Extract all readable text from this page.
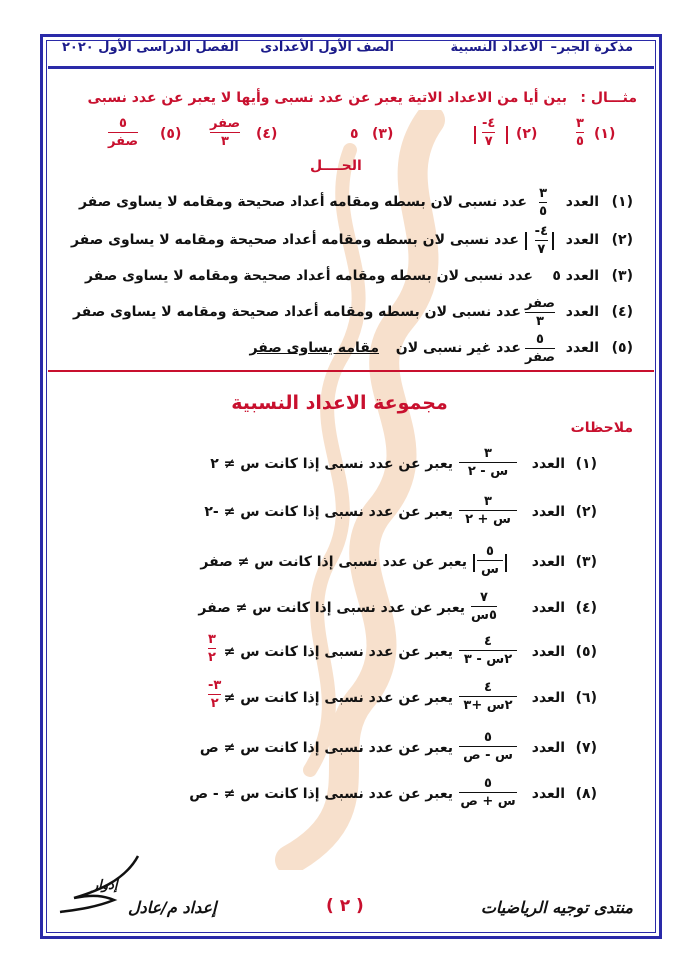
مذكرة الجبر
–
الاعداد النسبية
الصف الأول الأعدادى
الفصل الدراسى الأول ٢٠٢٠
مثـــال :
بين أيا من الاعداد الاتية يعبر عن عدد نسبى وأيها لا يعبر عن عدد نسبى
(١)
٣
٥
(٢)
-٤
٧
(٣)
٥
(٤)
صفر
٣
(٥)
٥
صفر
الحــــل
(١)
العدد
٣
٥
عدد نسبى لان بسطه ومقامه أعداد صحيحة ومقامه لا يساوى صفر
(٢)
العدد
-٤
٧
عدد نسبى لان بسطه ومقامه أعداد صحيحة ومقامه لا يساوى صفر
(٣)
العدد ٥
عدد نسبى لان بسطه ومقامه أعداد صحيحة ومقامه لا يساوى صفر
(٤)
العدد
صفر
٣
عدد نسبى لان بسطه ومقامه أعداد صحيحة ومقامه لا يساوى صفر
(٥)
العدد
٥
صفر
عدد غير نسبى لان
مقامه يساوى صفر
مجموعة الاعداد النسبية
ملاحظات
(١)
العدد
٣
س - ٢
يعبر عن عدد نسبى إذا كانت س ≠ ٢
(٢)
العدد
٣
س + ٢
يعبر عن عدد نسبى إذا كانت س ≠ -٢
(٣)
العدد
٥
س
يعبر عن عدد نسبى إذا كانت س ≠ صفر
(٤)
العدد
٧
٥س
يعبر عن عدد نسبى إذا كانت س ≠ صفر
(٥)
العدد
٤
٢س - ٣
يعبر عن عدد نسبى إذا كانت س ≠
٣
٢
(٦)
العدد
٤
٢س +٣
يعبر عن عدد نسبى إذا كانت س ≠
-٣
٢
(٧)
العدد
٥
س - ص
يعبر عن عدد نسبى إذا كانت س ≠ ص
(٨)
العدد
٥
س + ص
يعبر عن عدد نسبى إذا كانت س ≠ - ص
منتدى توجيه الرياضيات
( ٢ )
إعداد م/عادل
إدوار
